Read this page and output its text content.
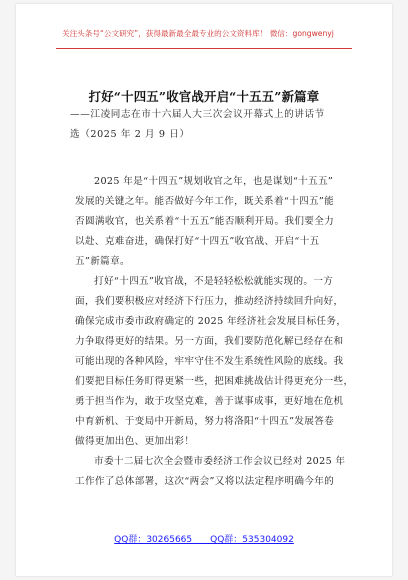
关注头条号“公文研究”，获得最新最全最专业的公文资料库！ 微信：gongwenyj
打好“十四五”收官战开启“十五五”新篇章
——江凌同志在市十六届人大三次会议开幕式上的讲话节
选（2025 年 2 月 9 日）
2025 年是“十四五”规划收官之年，也是谋划“十五五”
发展的关键之年。能否做好今年工作，既关系着“十四五”能
否圆满收官，也关系着“十五五”能否顺利开局。我们要全力
以赴、克难奋进，确保打好“十四五”收官战、开启“十五
五”新篇章。
打好“十四五”收官战，不是轻轻松松就能实现的。一方
面，我们要积极应对经济下行压力，推动经济持续回升向好，
确保完成市委市政府确定的 2025 年经济社会发展目标任务，
力争取得更好的结果。另一方面，我们要防范化解已经存在和
可能出现的各种风险，牢牢守住不发生系统性风险的底线。我
们要把目标任务盯得更紧一些，把困难挑战估计得更充分一些，
勇于担当作为，敢于攻坚克难，善于谋事成事，更好地在危机
中育新机、于变局中开新局，努力将洛阳“十四五”发展答卷
做得更加出色、更加出彩！
市委十二届七次全会暨市委经济工作会议已经对 2025 年
工作作了总体部署，这次“两会”又将以法定程序明确今年的
QQ群：30265665　　QQ群：535304092
